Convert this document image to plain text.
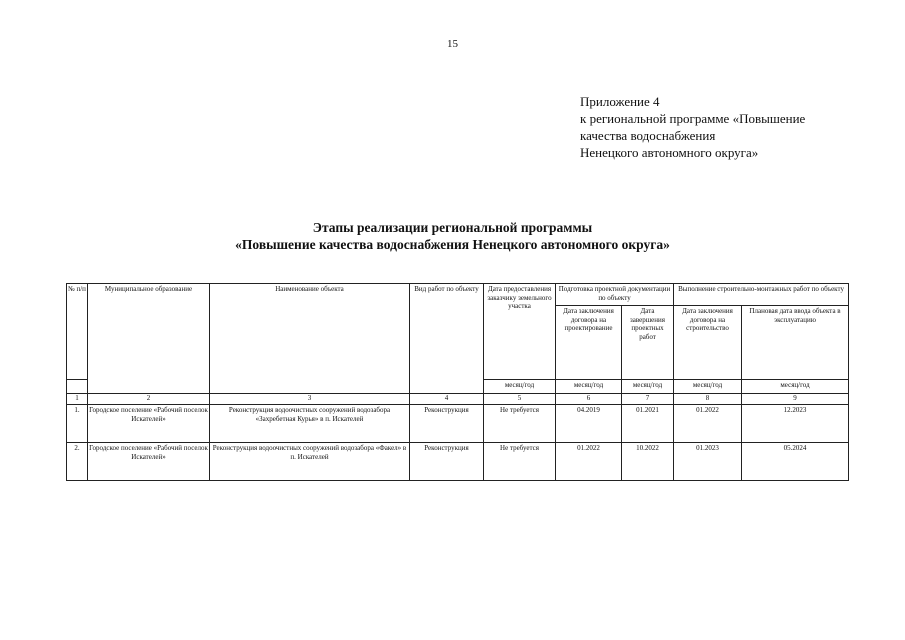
15
Приложение 4
к региональной программе «Повышение
качества водоснабжения
Ненецкого автономного округа»
Этапы реализации региональной программы
«Повышение качества водоснабжения Ненецкого автономного округа»
№ п/п	Муниципальное образование	Наименование объекта	Вид работ по объекту	Дата предоставления заказчику земельного участка	Подготовка проектной документации по объекту		Выполнение строительно-монтажных работ по объекту	
					Дата заключения договора на проектирование	Дата завершения проектных работ	Дата заключения договора на строительство	Плановая дата ввода объекта в эксплуатацию
				месяц/год	месяц/год	месяц/год	месяц/год	месяц/год
1	2	3	4	5	6	7	8	9
1.	Городское поселение «Рабочий поселок Искателей»	Реконструкция водоочистных сооружений водозабора «Захребетная Курья» в п. Искателей	Реконструкция	Не требуется	04.2019	01.2021	01.2022	12.2023
2.	Городское поселение «Рабочий поселок Искателей»	Реконструкция водоочистных сооружений водозабора «Факел» в п. Искателей	Реконструкция	Не требуется	01.2022	10.2022	01.2023	05.2024
